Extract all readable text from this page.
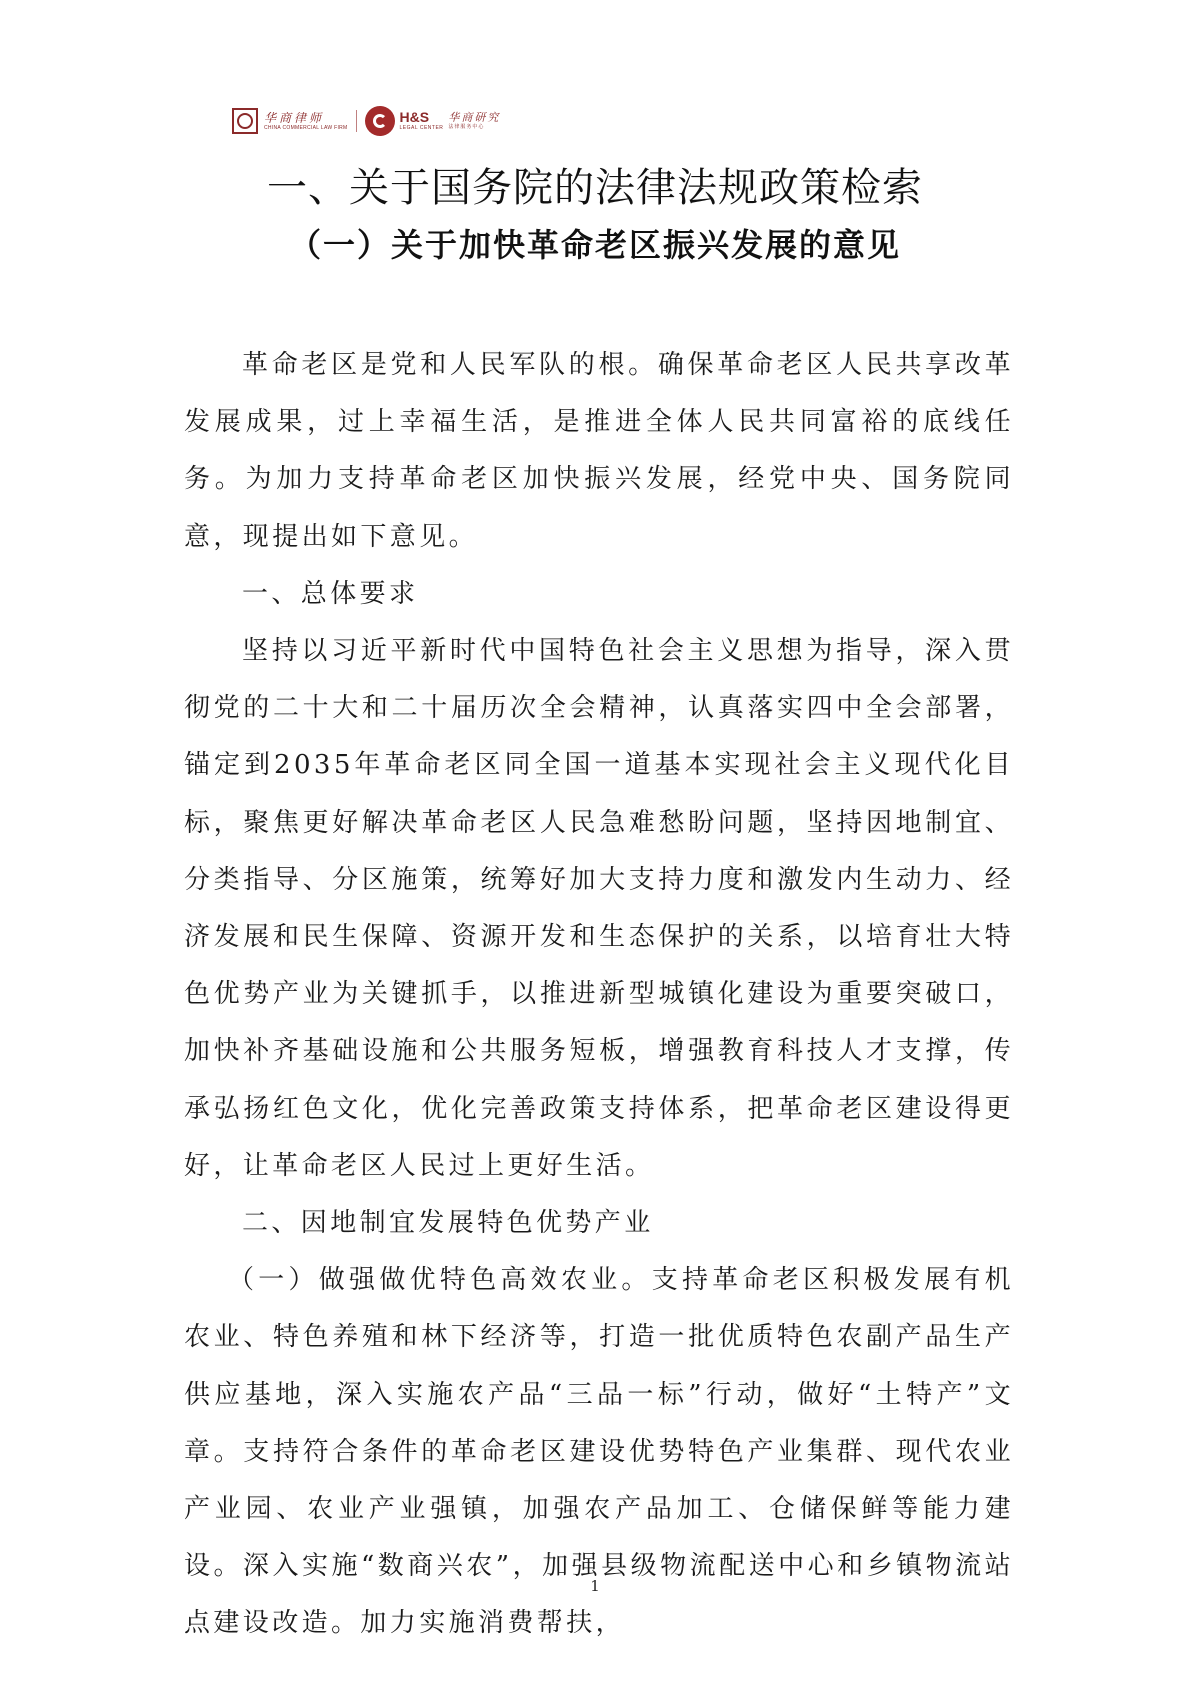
华商律师
CHINA COMMERCIAL LAW FIRM
H&S
LEGAL CENTER
华商研究
法律服务中心
一、关于国务院的法律法规政策检索
（一）关于加快革命老区振兴发展的意见

革命老区是党和人民军队的根。确保革命老区人民共享改革发展成果，过上幸福生活，是推进全体人民共同富裕的底线任务。为加力支持革命老区加快振兴发展，经党中央、国务院同意，现提出如下意见。

一、总体要求

坚持以习近平新时代中国特色社会主义思想为指导，深入贯彻党的二十大和二十届历次全会精神，认真落实四中全会部署，锚定到2035年革命老区同全国一道基本实现社会主义现代化目标，聚焦更好解决革命老区人民急难愁盼问题，坚持因地制宜、分类指导、分区施策，统筹好加大支持力度和激发内生动力、经济发展和民生保障、资源开发和生态保护的关系，以培育壮大特色优势产业为关键抓手，以推进新型城镇化建设为重要突破口，加快补齐基础设施和公共服务短板，增强教育科技人才支撑，传承弘扬红色文化，优化完善政策支持体系，把革命老区建设得更好，让革命老区人民过上更好生活。

二、因地制宜发展特色优势产业

（一）做强做优特色高效农业。支持革命老区积极发展有机农业、特色养殖和林下经济等，打造一批优质特色农副产品生产供应基地，深入实施农产品“三品一标”行动，做好“土特产”文章。支持符合条件的革命老区建设优势特色产业集群、现代农业产业园、农业产业强镇，加强农产品加工、仓储保鲜等能力建设。深入实施“数商兴农”，加强县级物流配送中心和乡镇物流站点建设改造。加力实施消费帮扶，

1
